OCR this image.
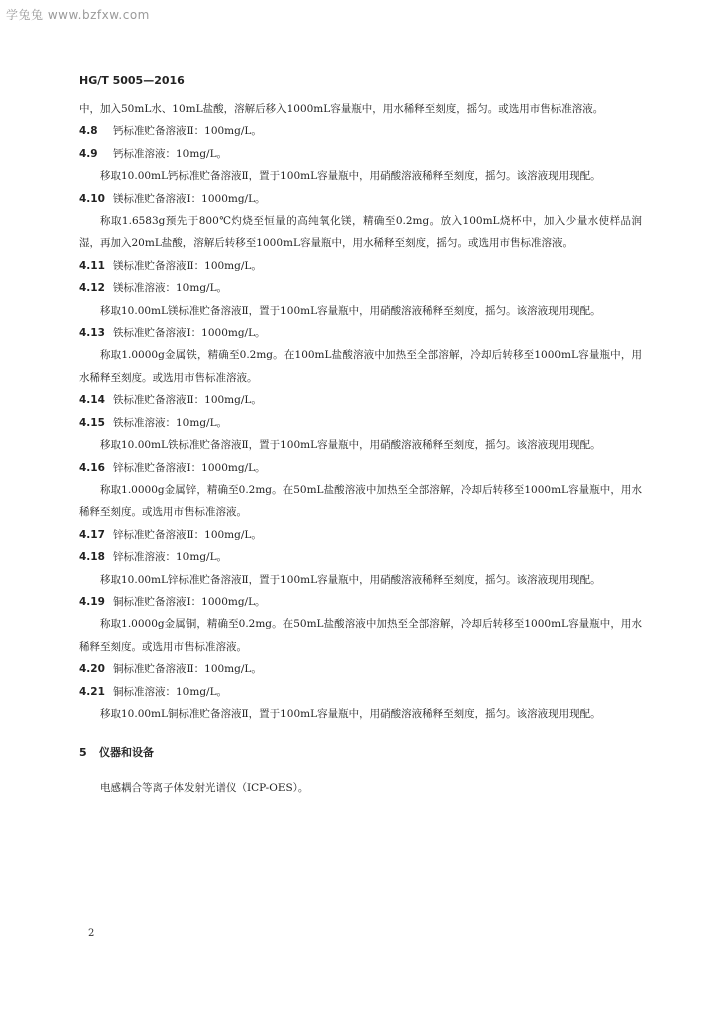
学兔兔 www.bzfxw.com
HG/T 5005—2016

中，加入50mL水、10mL盐酸，溶解后移入1000mL容量瓶中，用水稀释至刻度，摇匀。或选用市售标准溶液。

4.8 钙标准贮备溶液Ⅱ：100mg/L。

4.9 钙标准溶液：10mg/L。

移取10.00mL钙标准贮备溶液Ⅱ，置于100mL容量瓶中，用硝酸溶液稀释至刻度，摇匀。该溶液现用现配。

4.10 镁标准贮备溶液Ⅰ：1000mg/L。

称取1.6583g预先于800℃灼烧至恒量的高纯氧化镁，精确至0.2mg。放入100mL烧杯中，加入少量水使样品润湿，再加入20mL盐酸，溶解后转移至1000mL容量瓶中，用水稀释至刻度，摇匀。或选用市售标准溶液。

4.11 镁标准贮备溶液Ⅱ：100mg/L。

4.12 镁标准溶液：10mg/L。

移取10.00mL镁标准贮备溶液Ⅱ，置于100mL容量瓶中，用硝酸溶液稀释至刻度，摇匀。该溶液现用现配。

4.13 铁标准贮备溶液Ⅰ：1000mg/L。

称取1.0000g金属铁，精确至0.2mg。在100mL盐酸溶液中加热至全部溶解，冷却后转移至1000mL容量瓶中，用水稀释至刻度。或选用市售标准溶液。

4.14 铁标准贮备溶液Ⅱ：100mg/L。

4.15 铁标准溶液：10mg/L。

移取10.00mL铁标准贮备溶液Ⅱ，置于100mL容量瓶中，用硝酸溶液稀释至刻度，摇匀。该溶液现用现配。

4.16 锌标准贮备溶液Ⅰ：1000mg/L。

称取1.0000g金属锌，精确至0.2mg。在50mL盐酸溶液中加热至全部溶解，冷却后转移至1000mL容量瓶中，用水稀释至刻度。或选用市售标准溶液。

4.17 锌标准贮备溶液Ⅱ：100mg/L。

4.18 锌标准溶液：10mg/L。

移取10.00mL锌标准贮备溶液Ⅱ，置于100mL容量瓶中，用硝酸溶液稀释至刻度，摇匀。该溶液现用现配。

4.19 铜标准贮备溶液Ⅰ：1000mg/L。

称取1.0000g金属铜，精确至0.2mg。在50mL盐酸溶液中加热至全部溶解，冷却后转移至1000mL容量瓶中，用水稀释至刻度。或选用市售标准溶液。

4.20 铜标准贮备溶液Ⅱ：100mg/L。

4.21 铜标准溶液：10mg/L。

移取10.00mL铜标准贮备溶液Ⅱ，置于100mL容量瓶中，用硝酸溶液稀释至刻度，摇匀。该溶液现用现配。

5 仪器和设备

电感耦合等离子体发射光谱仪（ICP-OES）。

2
